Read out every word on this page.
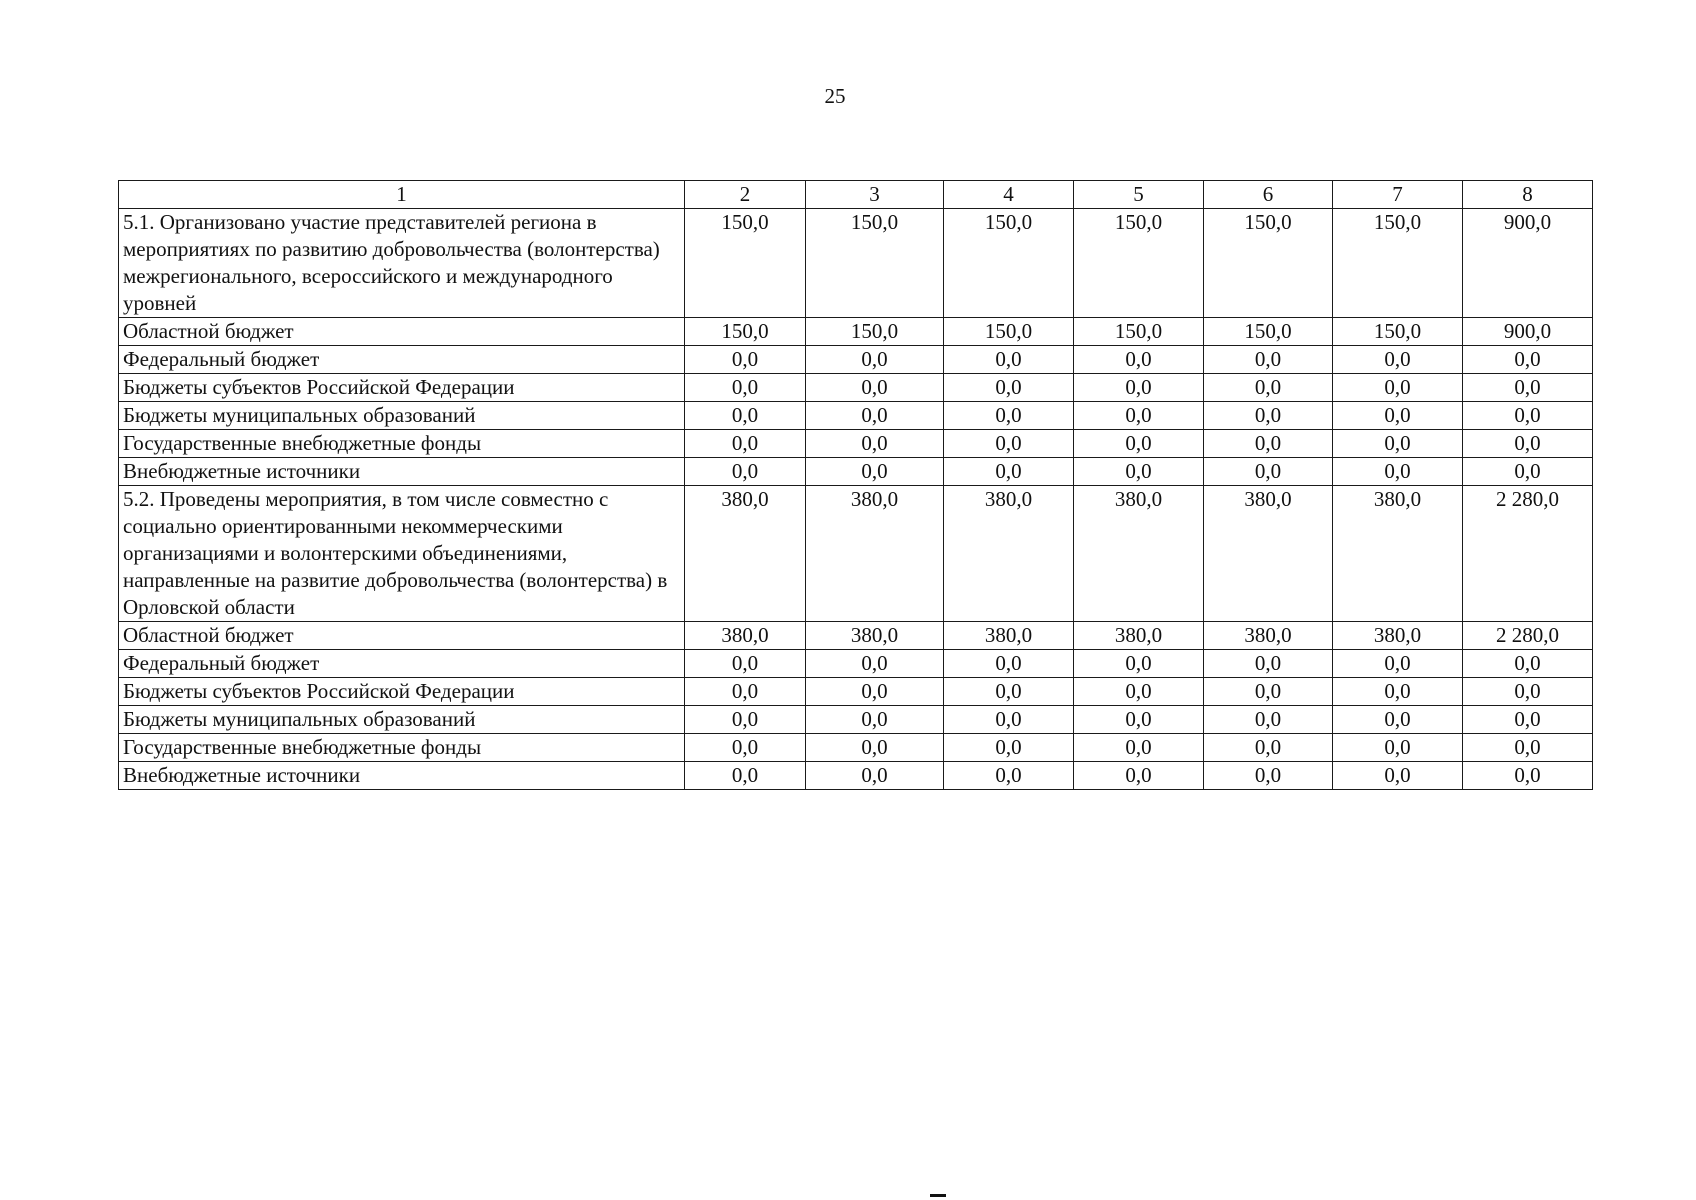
25
1	2	3	4	5	6	7	8
5.1. Организовано участие представителей региона в мероприятиях по развитию добровольчества (волонтерства) межрегионального, всероссийского и международного уровней	150,0	150,0	150,0	150,0	150,0	150,0	900,0
Областной бюджет	150,0	150,0	150,0	150,0	150,0	150,0	900,0
Федеральный бюджет	0,0	0,0	0,0	0,0	0,0	0,0	0,0
Бюджеты субъектов Российской Федерации	0,0	0,0	0,0	0,0	0,0	0,0	0,0
Бюджеты муниципальных образований	0,0	0,0	0,0	0,0	0,0	0,0	0,0
Государственные внебюджетные фонды	0,0	0,0	0,0	0,0	0,0	0,0	0,0
Внебюджетные источники	0,0	0,0	0,0	0,0	0,0	0,0	0,0
5.2. Проведены мероприятия, в том числе совместно с социально ориентированными некоммерческими организациями и волонтерскими объединениями, направленные на развитие добровольчества (волонтерства) в Орловской области	380,0	380,0	380,0	380,0	380,0	380,0	2 280,0
Областной бюджет	380,0	380,0	380,0	380,0	380,0	380,0	2 280,0
Федеральный бюджет	0,0	0,0	0,0	0,0	0,0	0,0	0,0
Бюджеты субъектов Российской Федерации	0,0	0,0	0,0	0,0	0,0	0,0	0,0
Бюджеты муниципальных образований	0,0	0,0	0,0	0,0	0,0	0,0	0,0
Государственные внебюджетные фонды	0,0	0,0	0,0	0,0	0,0	0,0	0,0
Внебюджетные источники	0,0	0,0	0,0	0,0	0,0	0,0	0,0
